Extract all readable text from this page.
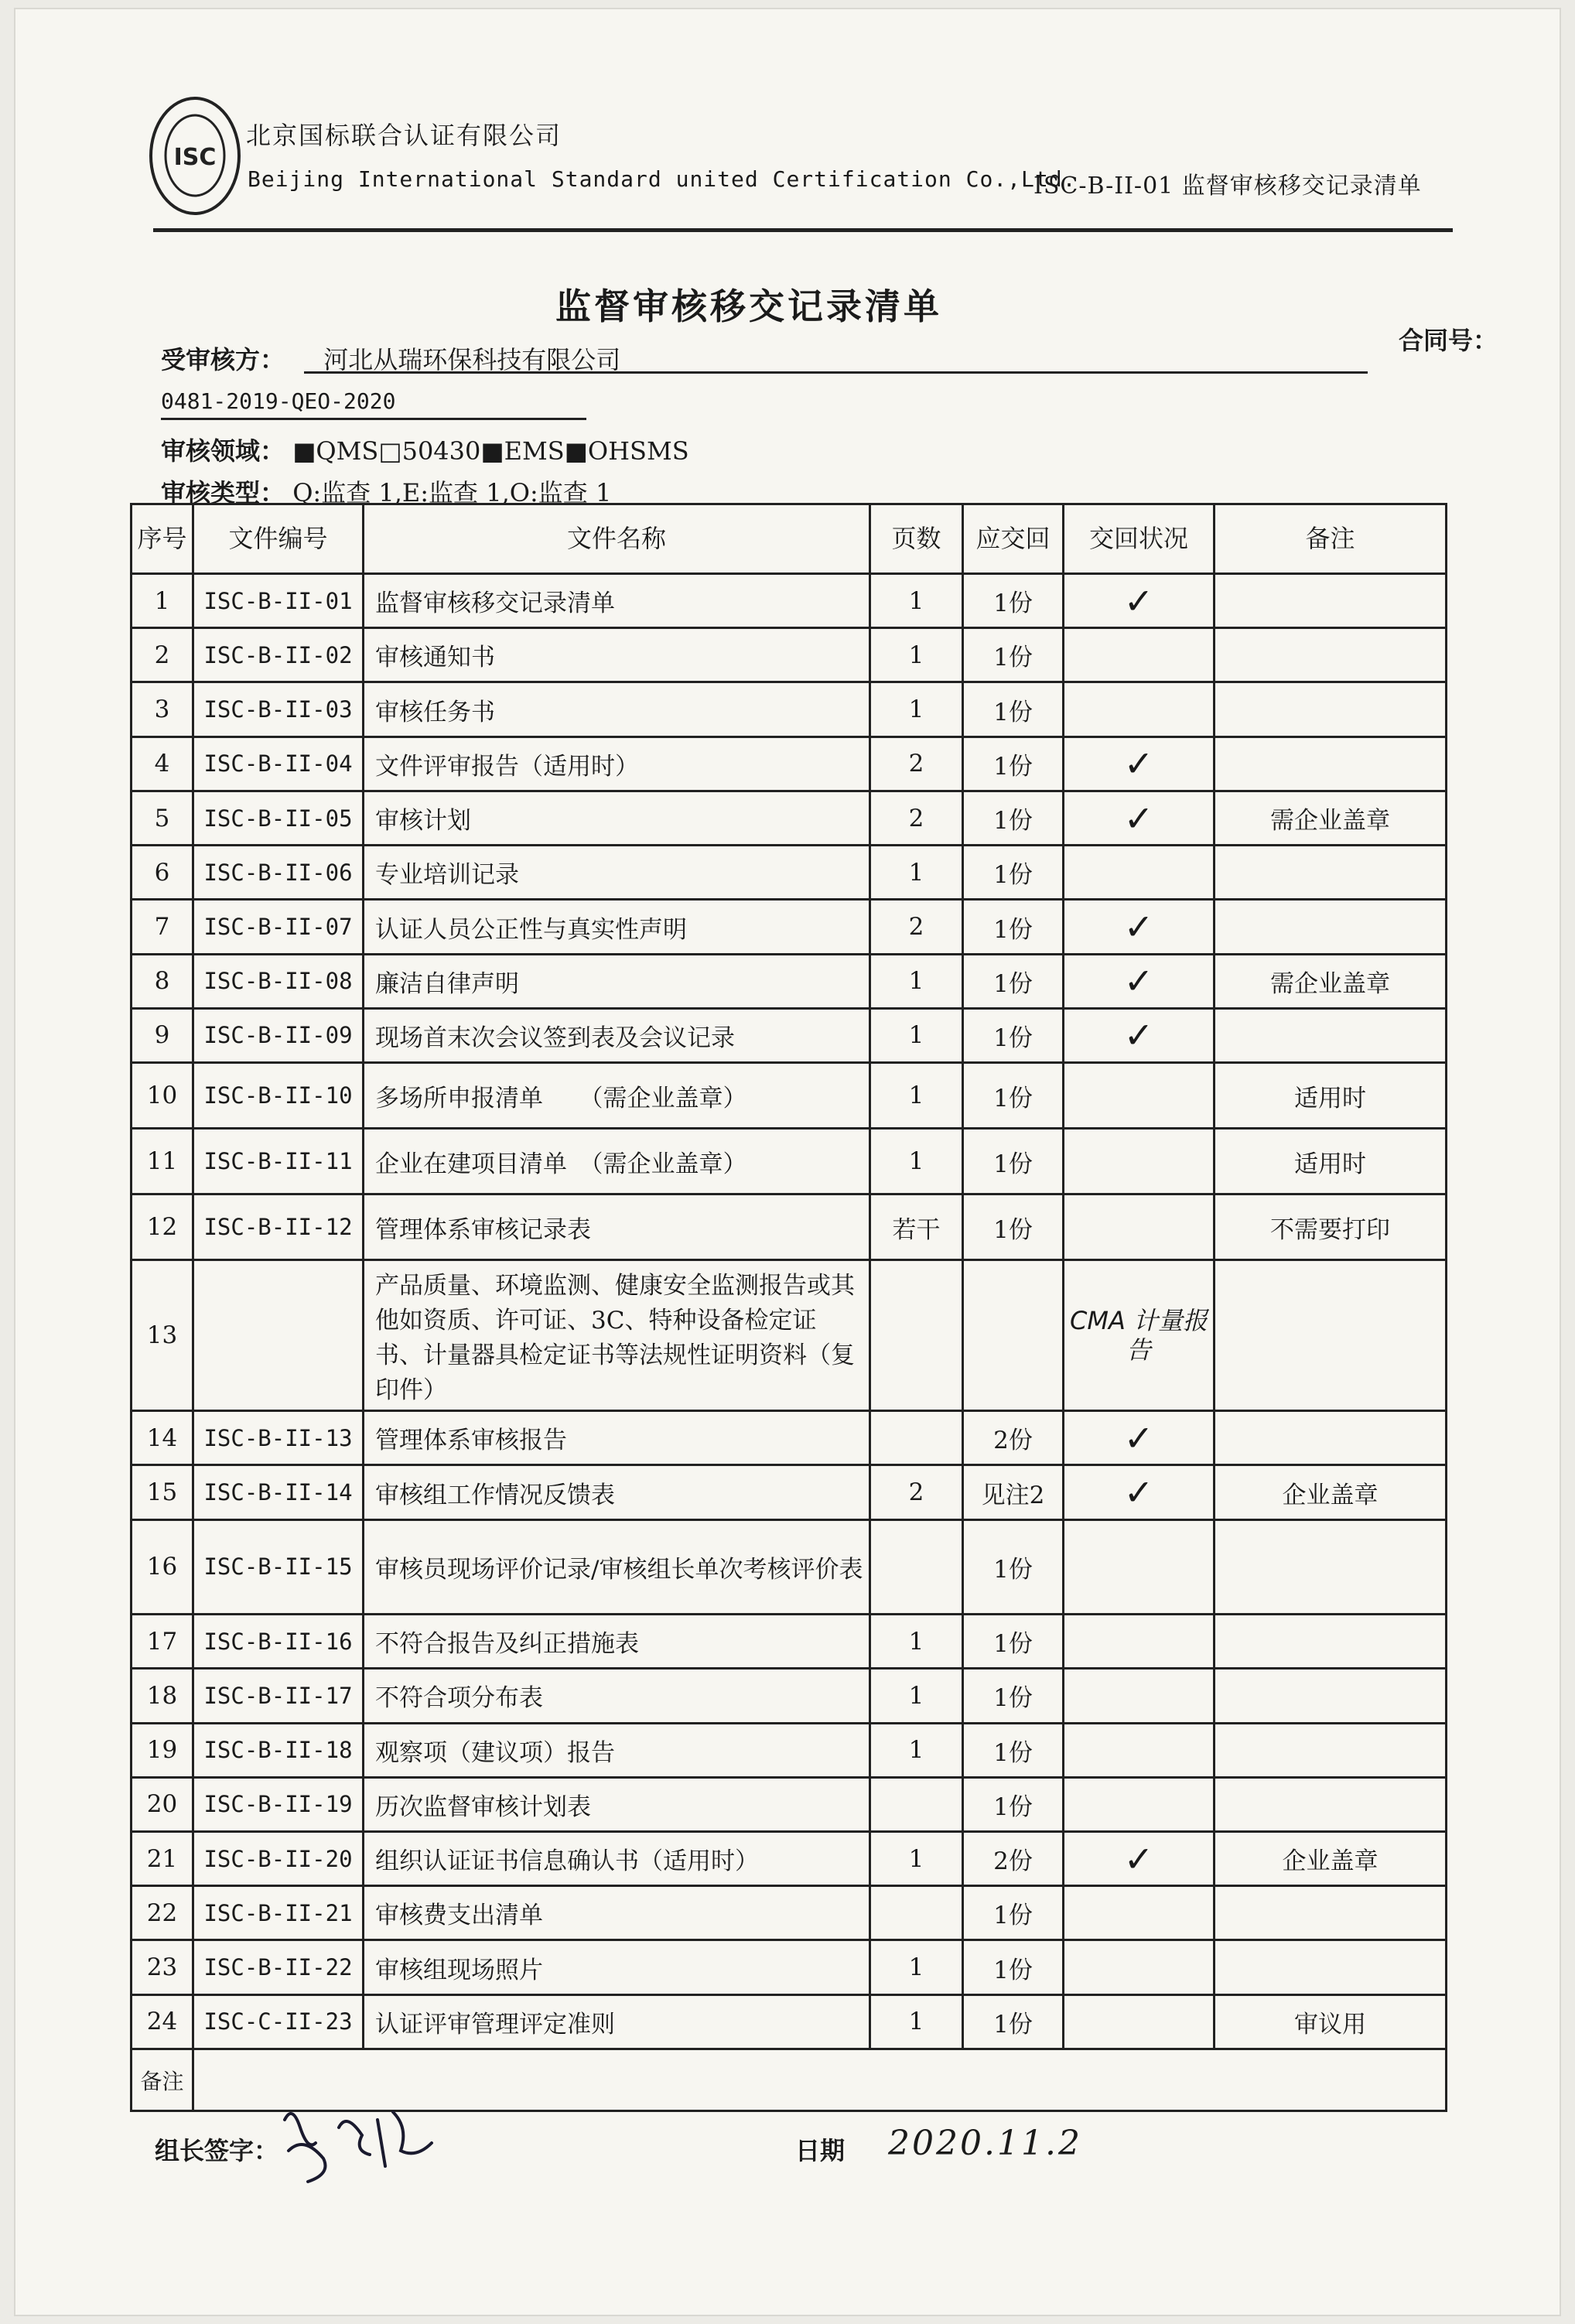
ISC
北京国标联合认证有限公司
Beijing International Standard united Certification Co.,Ltd.
ISC-B-II-01 监督审核移交记录清单
监督审核移交记录清单
受审核方： 河北从瑞环保科技有限公司
合同号：
0481-2019-QEO-2020
审核领域： ■QMS□50430■EMS■OHSMS
审核类型： Q:监查 1,E:监查 1,O:监查 1
序号	文件编号	文件名称	页数	应交回	交回状况	备注
1	ISC-B-II-01	监督审核移交记录清单	1	1份	✓	
2	ISC-B-II-02	审核通知书	1	1份		
3	ISC-B-II-03	审核任务书	1	1份		
4	ISC-B-II-04	文件评审报告（适用时）	2	1份	✓	
5	ISC-B-II-05	审核计划	2	1份	✓	需企业盖章
6	ISC-B-II-06	专业培训记录	1	1份		
7	ISC-B-II-07	认证人员公正性与真实性声明	2	1份	✓	
8	ISC-B-II-08	廉洁自律声明	1	1份	✓	需企业盖章
9	ISC-B-II-09	现场首末次会议签到表及会议记录	1	1份	✓	
10	ISC-B-II-10	多场所申报清单　　（需企业盖章）	1	1份		适用时
11	ISC-B-II-11	企业在建项目清单　（需企业盖章）	1	1份		适用时
12	ISC-B-II-12	管理体系审核记录表	若干	1份		不需要打印
13		产品质量、环境监测、健康安全监测报告或其他如资质、许可证、3C、特种设备检定证书、计量器具检定证书等法规性证明资料（复印件）			CMA 计量报告	
14	ISC-B-II-13	管理体系审核报告		2份	✓	
15	ISC-B-II-14	审核组工作情况反馈表	2	见注2	✓	企业盖章
16	ISC-B-II-15	审核员现场评价记录/审核组长单次考核评价表		1份		
17	ISC-B-II-16	不符合报告及纠正措施表	1	1份		
18	ISC-B-II-17	不符合项分布表	1	1份		
19	ISC-B-II-18	观察项（建议项）报告	1	1份		
20	ISC-B-II-19	历次监督审核计划表		1份		
21	ISC-B-II-20	组织认证证书信息确认书（适用时）	1	2份	✓	企业盖章
22	ISC-B-II-21	审核费支出清单		1份		
23	ISC-B-II-22	审核组现场照片	1	1份		
24	ISC-C-II-23	认证评审管理评定准则	1	1份		审议用
备注						
组长签字：	日期 2020.11.2
